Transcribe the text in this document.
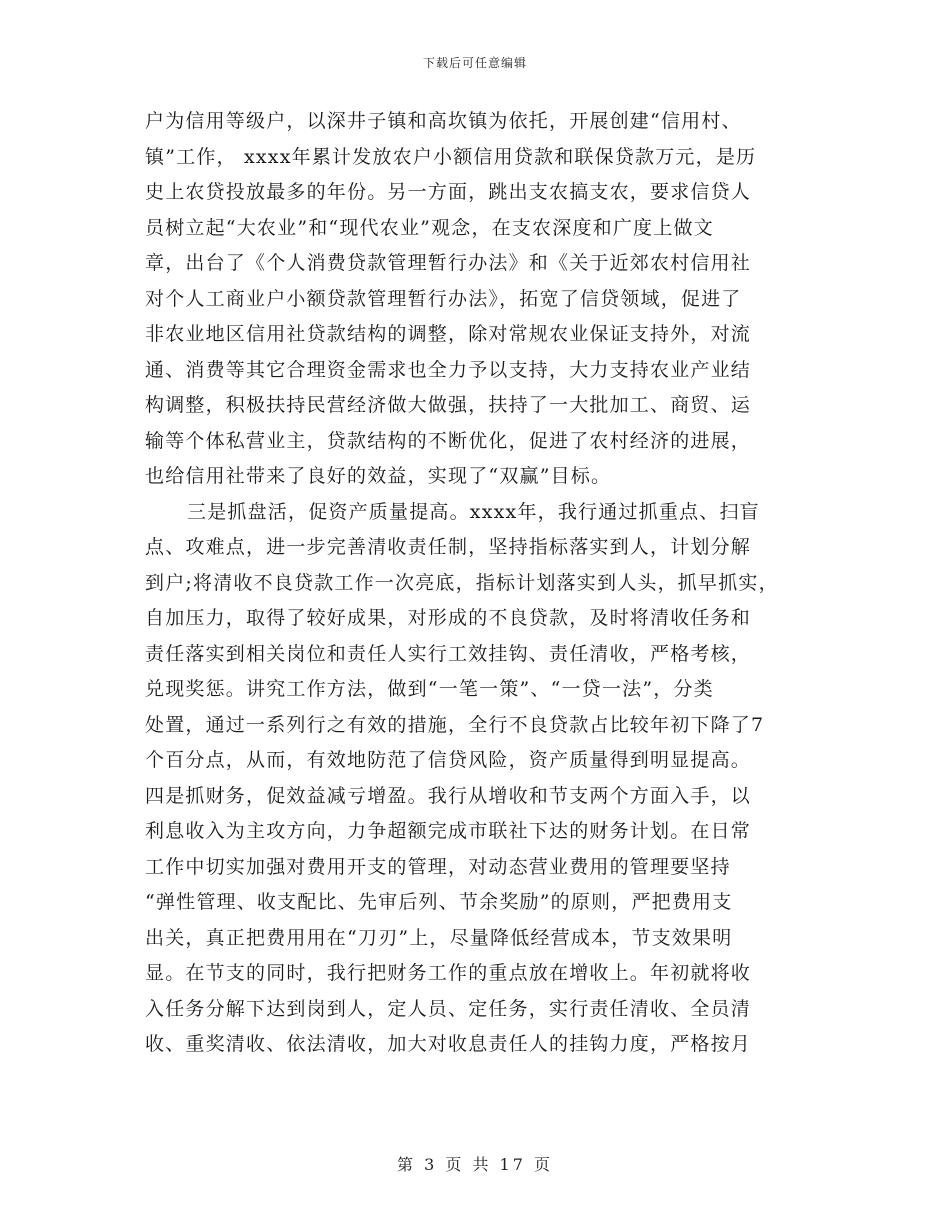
下载后可任意编辑
户为信用等级户，以深井子镇和高坎镇为依托，开展创建“信用村、
镇”工作， xxxx年累计发放农户小额信用贷款和联保贷款万元，是历
史上农贷投放最多的年份。另一方面，跳出支农搞支农，要求信贷人
员树立起“大农业”和“现代农业”观念，在支农深度和广度上做文
章，出台了《个人消费贷款管理暂行办法》和《关于近郊农村信用社
对个人工商业户小额贷款管理暂行办法》，拓宽了信贷领域，促进了
非农业地区信用社贷款结构的调整，除对常规农业保证支持外，对流
通、消费等其它合理资金需求也全力予以支持，大力支持农业产业结
构调整，积极扶持民营经济做大做强，扶持了一大批加工、商贸、运
输等个体私营业主，贷款结构的不断优化，促进了农村经济的进展，
也给信用社带来了良好的效益，实现了“双赢”目标。
三是抓盘活，促资产质量提高。xxxx年，我行通过抓重点、扫盲
点、攻难点，进一步完善清收责任制，坚持指标落实到人，计划分解
到户;将清收不良贷款工作一次亮底，指标计划落实到人头，抓早抓实，
自加压力，取得了较好成果，对形成的不良贷款，及时将清收任务和
责任落实到相关岗位和责任人实行工效挂钩、责任清收，严格考核，
兑现奖惩。讲究工作方法，做到“一笔一策”、“一贷一法”，分类
处置，通过一系列行之有效的措施，全行不良贷款占比较年初下降了7
个百分点，从而，有效地防范了信贷风险，资产质量得到明显提高。
四是抓财务，促效益减亏增盈。我行从增收和节支两个方面入手，以
利息收入为主攻方向，力争超额完成市联社下达的财务计划。在日常
工作中切实加强对费用开支的管理，对动态营业费用的管理要坚持
“弹性管理、收支配比、先审后列、节余奖励”的原则，严把费用支
出关，真正把费用用在“刀刃”上，尽量降低经营成本，节支效果明
显。在节支的同时，我行把财务工作的重点放在增收上。年初就将收
入任务分解下达到岗到人，定人员、定任务，实行责任清收、全员清
收、重奖清收、依法清收，加大对收息责任人的挂钩力度，严格按月
第 3 页 共 17 页
